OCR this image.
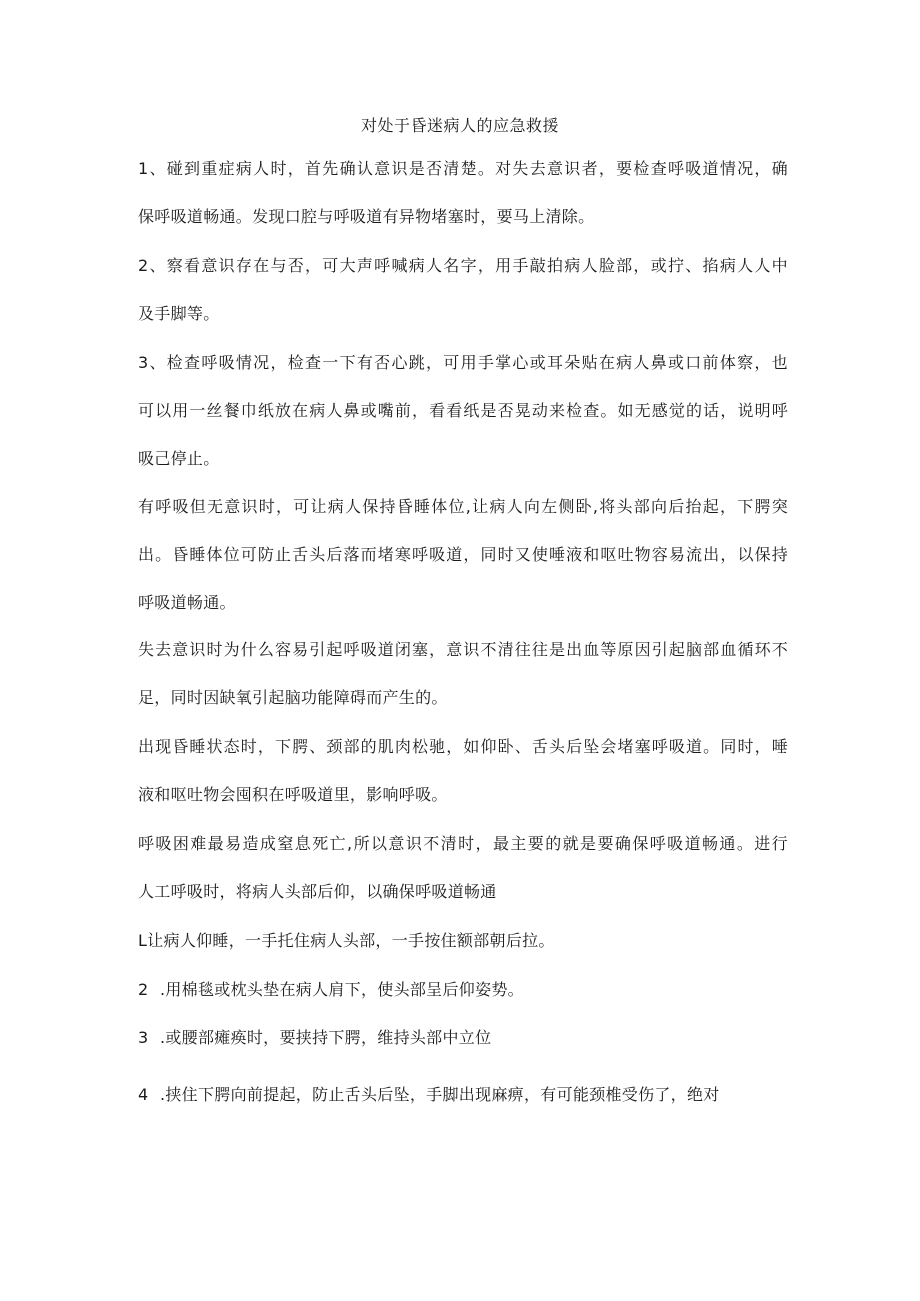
对处于昏迷病人的应急救援
1、碰到重症病人时，首先确认意识是否清楚。对失去意识者，要检查呼吸道情况，确
保呼吸道畅通。发现口腔与呼吸道有异物堵塞时，要马上清除。
2、察看意识存在与否，可大声呼喊病人名字，用手敲拍病人脸部，或拧、掐病人人中
及手脚等。
3、检查呼吸情况，检查一下有否心跳，可用手掌心或耳朵贴在病人鼻或口前体察，也
可以用一丝餐巾纸放在病人鼻或嘴前，看看纸是否晃动来检查。如无感觉的话，说明呼
吸己停止。
有呼吸但无意识时，可让病人保持昏睡体位,让病人向左侧卧,将头部向后抬起，下腭突
出。昏睡体位可防止舌头后落而堵寒呼吸道，同时又使唾液和呕吐物容易流出，以保持
呼吸道畅通。
失去意识时为什么容易引起呼吸道闭塞，意识不清往往是出血等原因引起脑部血循环不
足，同时因缺氧引起脑功能障碍而产生的。
出现昏睡状态时，下腭、颈部的肌肉松驰，如仰卧、舌头后坠会堵塞呼吸道。同时，唾
液和呕吐物会囤积在呼吸道里，影响呼吸。
呼吸困难最易造成窒息死亡,所以意识不清时，最主要的就是要确保呼吸道畅通。进行
人工呼吸时，将病人头部后仰，以确保呼吸道畅通
L让病人仰睡，一手托住病人头部，一手按住额部朝后拉。
2 .用棉毯或枕头垫在病人肩下，使头部呈后仰姿势。
3 .或腰部瘫痪时，要挟持下腭，维持头部中立位
4 .挟住下腭向前提起，防止舌头后坠，手脚出现麻痹，有可能颈椎受伤了，绝对
